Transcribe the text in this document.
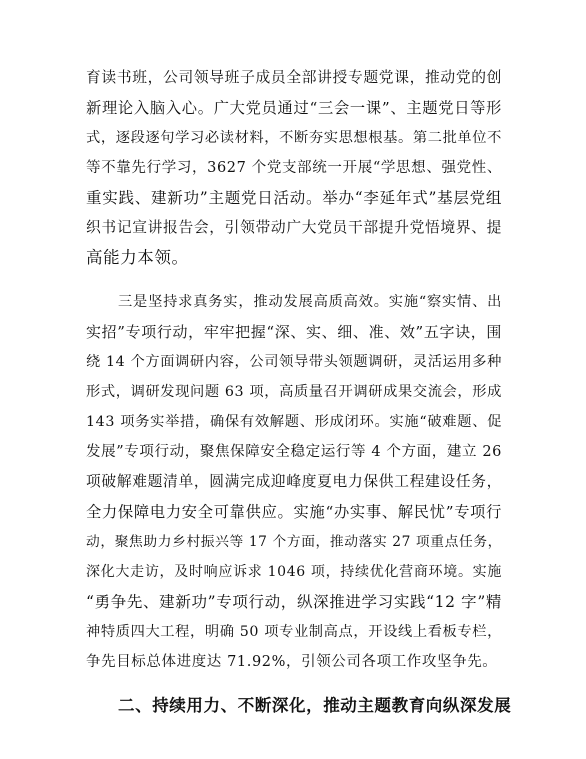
育读书班，公司领导班子成员全部讲授专题党课，推动党的创
新理论入脑入心。广大党员通过“三会一课”、主题党日等形
式，逐段逐句学习必读材料，不断夯实思想根基。第二批单位不
等不靠先行学习，3627 个党支部统一开展“学思想、强党性、
重实践、建新功”主题党日活动。举办“李延年式”基层党组
织书记宣讲报告会，引领带动广大党员干部提升党悟境界、提
高能力本领。
三是坚持求真务实，推动发展高质高效。实施“察实情、出
实招”专项行动，牢牢把握“深、实、细、准、效”五字诀，围
绕 14 个方面调研内容，公司领导带头领题调研，灵活运用多种
形式，调研发现问题 63 项，高质量召开调研成果交流会，形成
143 项务实举措，确保有效解题、形成闭环。实施“破难题、促
发展”专项行动，聚焦保障安全稳定运行等 4 个方面，建立 26
项破解难题清单，圆满完成迎峰度夏电力保供工程建设任务，
全力保障电力安全可靠供应。实施“办实事、解民忧”专项行
动，聚焦助力乡村振兴等 17 个方面，推动落实 27 项重点任务，
深化大走访，及时响应诉求 1046 项，持续优化营商环境。实施
“勇争先、建新功”专项行动，纵深推进学习实践“12 字”精
神特质四大工程，明确 50 项专业制高点，开设线上看板专栏，
争先目标总体进度达 71.92%，引领公司各项工作攻坚争先。
二、持续用力、不断深化，推动主题教育向纵深发展
